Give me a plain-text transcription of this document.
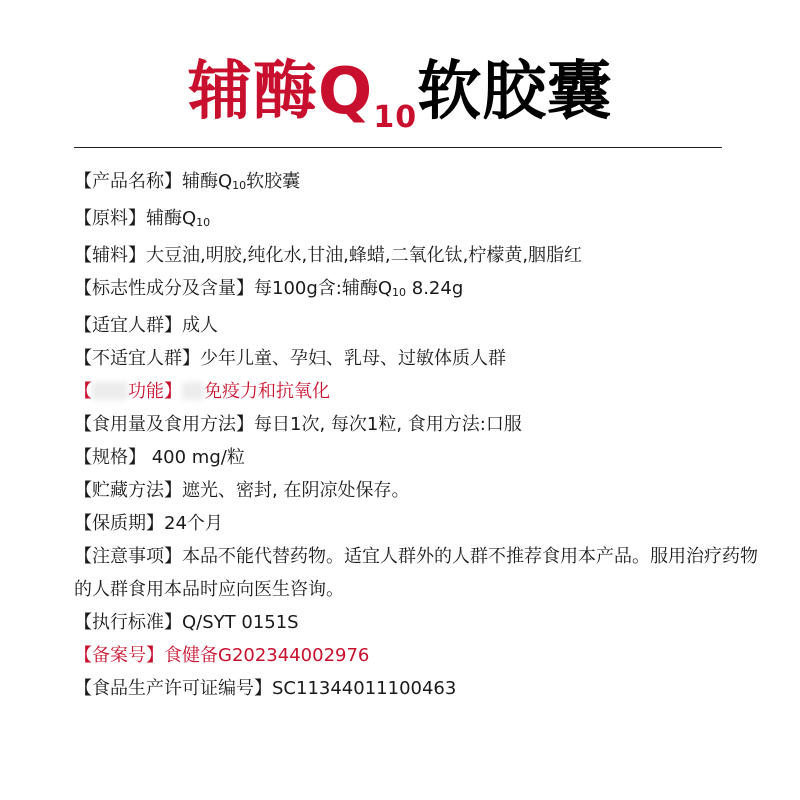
辅酶$Q_{10}$软胶囊
【产品名称】辅酶Q10软胶囊
【原料】辅酶Q10
【辅料】大豆油,明胶,纯化水,甘油,蜂蜡,二氧化钛,柠檬黄,胭脂红
【标志性成分及含量】每100g含:辅酶Q10 8.24g
【适宜人群】成人
【不适宜人群】少年儿童、孕妇、乳母、过敏体质人群
【 功能】 免疫力和抗氧化
【食用量及食用方法】每日1次, 每次1粒, 食用方法:口服
【规格】 400 mg/粒
【贮藏方法】遮光、密封, 在阴凉处保存。
【保质期】24个月
【注意事项】本品不能代替药物。适宜人群外的人群不推荐食用本产品。服用治疗药物的人群食用本品时应向医生咨询。
【执行标准】Q/SYT 0151S
【备案号】食健备G202344002976
【食品生产许可证编号】SC11344011100463
